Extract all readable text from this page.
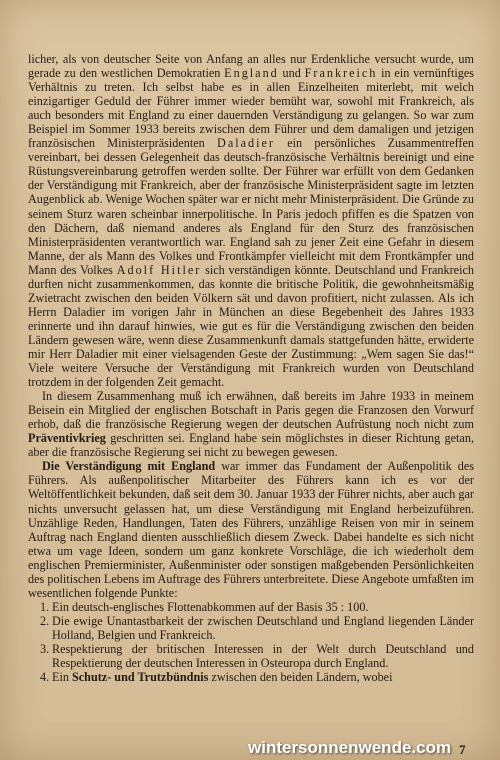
licher, als von deutscher Seite von Anfang an alles nur Erdenkliche versucht wurde, um gerade zu den westlichen Demokratien England und Frankreich in ein vernünftiges Verhältnis zu treten. Ich selbst habe es in allen Einzelheiten miterlebt, mit welch einzigartiger Geduld der Führer immer wieder bemüht war, sowohl mit Frankreich, als auch besonders mit England zu einer dauernden Verständigung zu gelangen. So war zum Beispiel im Sommer 1933 bereits zwischen dem Führer und dem damaligen und jetzigen französischen Ministerpräsidenten Daladier ein persönliches Zusammentreffen vereinbart, bei dessen Gelegenheit das deutsch-französische Verhältnis bereinigt und eine Rüstungsvereinbarung getroffen werden sollte. Der Führer war erfüllt von dem Gedanken der Verständigung mit Frankreich, aber der französische Ministerpräsident sagte im letzten Augenblick ab. Wenige Wochen später war er nicht mehr Ministerpräsident. Die Gründe zu seinem Sturz waren scheinbar innerpolitische. In Paris jedoch pfiffen es die Spatzen von den Dächern, daß niemand anderes als England für den Sturz des französischen Ministerpräsidenten verantwortlich war. England sah zu jener Zeit eine Gefahr in diesem Manne, der als Mann des Volkes und Frontkämpfer vielleicht mit dem Frontkämpfer und Mann des Volkes Adolf Hitler sich verständigen könnte. Deutschland und Frankreich durften nicht zusammenkommen, das konnte die britische Politik, die gewohnheitsmäßig Zwietracht zwischen den beiden Völkern sät und davon profitiert, nicht zulassen. Als ich Herrn Daladier im vorigen Jahr in München an diese Begebenheit des Jahres 1933 erinnerte und ihn darauf hinwies, wie gut es für die Verständigung zwischen den beiden Ländern gewesen wäre, wenn diese Zusammenkunft damals stattgefunden hätte, erwiderte mir Herr Daladier mit einer vielsagenden Geste der Zustimmung: „Wem sagen Sie das!“ Viele weitere Versuche der Verständigung mit Frankreich wurden von Deutschland trotzdem in der folgenden Zeit gemacht.

In diesem Zusammenhang muß ich erwähnen, daß bereits im Jahre 1933 in meinem Beisein ein Mitglied der englischen Botschaft in Paris gegen die Franzosen den Vorwurf erhob, daß die französische Regierung wegen der deutschen Aufrüstung noch nicht zum Präventivkrieg geschritten sei. England habe sein möglichstes in dieser Richtung getan, aber die französische Regierung sei nicht zu bewegen gewesen.

Die Verständigung mit England war immer das Fundament der Außenpolitik des Führers. Als außenpolitischer Mitarbeiter des Führers kann ich es vor der Weltöffentlichkeit bekunden, daß seit dem 30. Januar 1933 der Führer nichts, aber auch gar nichts unversucht gelassen hat, um diese Verständigung mit England herbeizuführen. Unzählige Reden, Handlungen, Taten des Führers, unzählige Reisen von mir in seinem Auftrag nach England dienten ausschließlich diesem Zweck. Dabei handelte es sich nicht etwa um vage Ideen, sondern um ganz konkrete Vorschläge, die ich wiederholt dem englischen Premierminister, Außenminister oder sonstigen maßgebenden Persönlichkeiten des politischen Lebens im Auftrage des Führers unterbreitete. Diese Angebote umfaßten im wesentlichen folgende Punkte:

1. Ein deutsch-englisches Flottenabkommen auf der Basis 35 : 100.
2. Die ewige Unantastbarkeit der zwischen Deutschland und England liegenden Länder Holland, Belgien und Frankreich.
3. Respektierung der britischen Interessen in der Welt durch Deutschland und Respektierung der deutschen Interessen in Osteuropa durch England.
4. Ein Schutz- und Trutzbündnis zwischen den beiden Ländern, wobei
wintersonnenwende.com 7
